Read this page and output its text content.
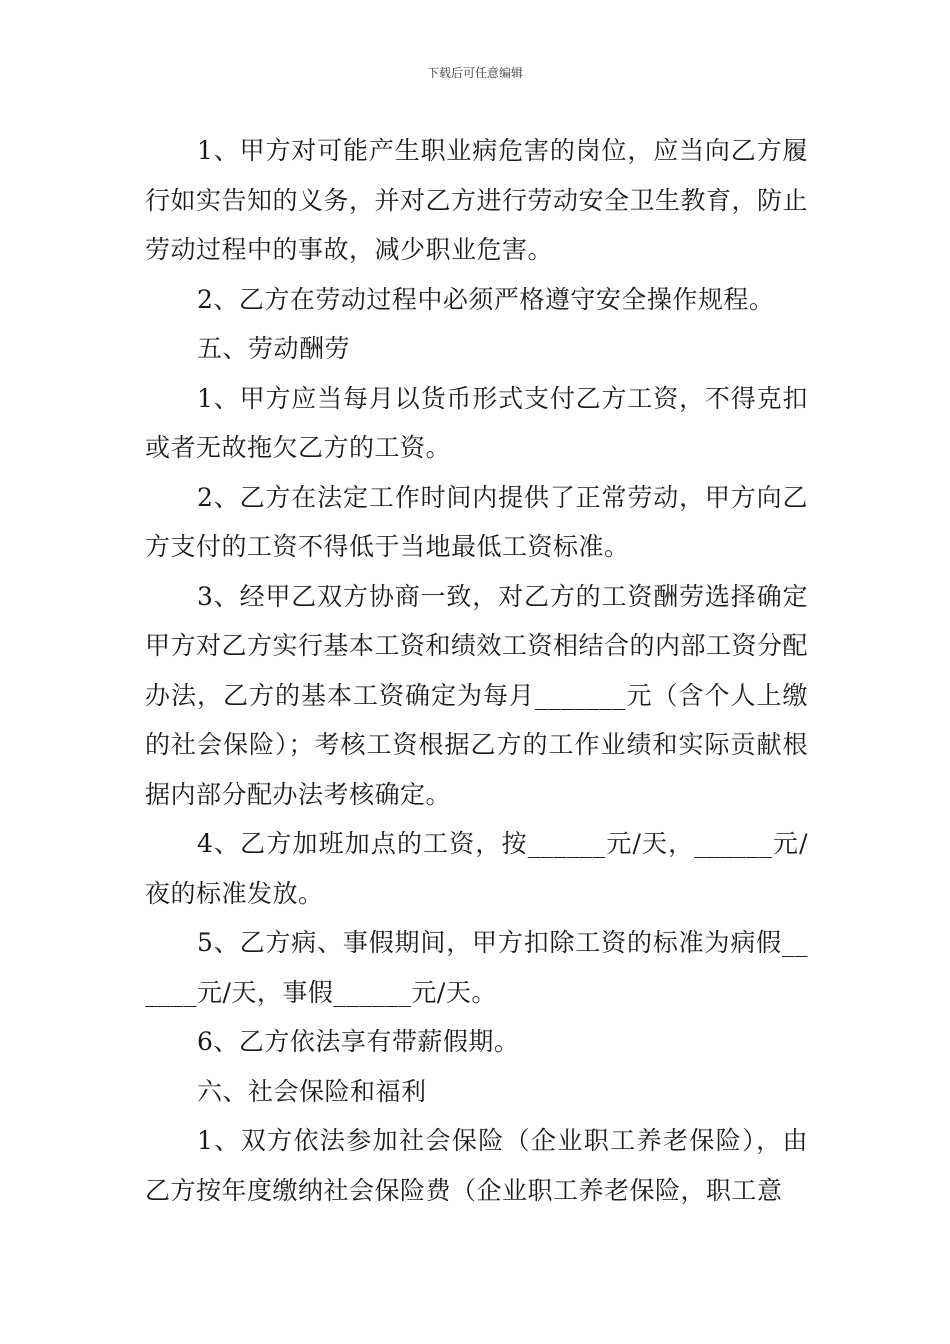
下载后可任意编辑

1、甲方对可能产生职业病危害的岗位，应当向乙方履行如实告知的义务，并对乙方进行劳动安全卫生教育，防止劳动过程中的事故，减少职业危害。

2、乙方在劳动过程中必须严格遵守安全操作规程。

五、劳动酬劳

1、甲方应当每月以货币形式支付乙方工资，不得克扣或者无故拖欠乙方的工资。

2、乙方在法定工作时间内提供了正常劳动，甲方向乙方支付的工资不得低于当地最低工资标准。

3、经甲乙双方协商一致，对乙方的工资酬劳选择确定甲方对乙方实行基本工资和绩效工资相结合的内部工资分配办法，乙方的基本工资确定为每月_______元（含个人上缴的社会保险）；考核工资根据乙方的工作业绩和实际贡献根据内部分配办法考核确定。

4、乙方加班加点的工资，按______元/天，______元/夜的标准发放。

5、乙方病、事假期间，甲方扣除工资的标准为病假______元/天，事假______元/天。

6、乙方依法享有带薪假期。

六、社会保险和福利

1、双方依法参加社会保险（企业职工养老保险），由乙方按年度缴纳社会保险费（企业职工养老保险，职工意
